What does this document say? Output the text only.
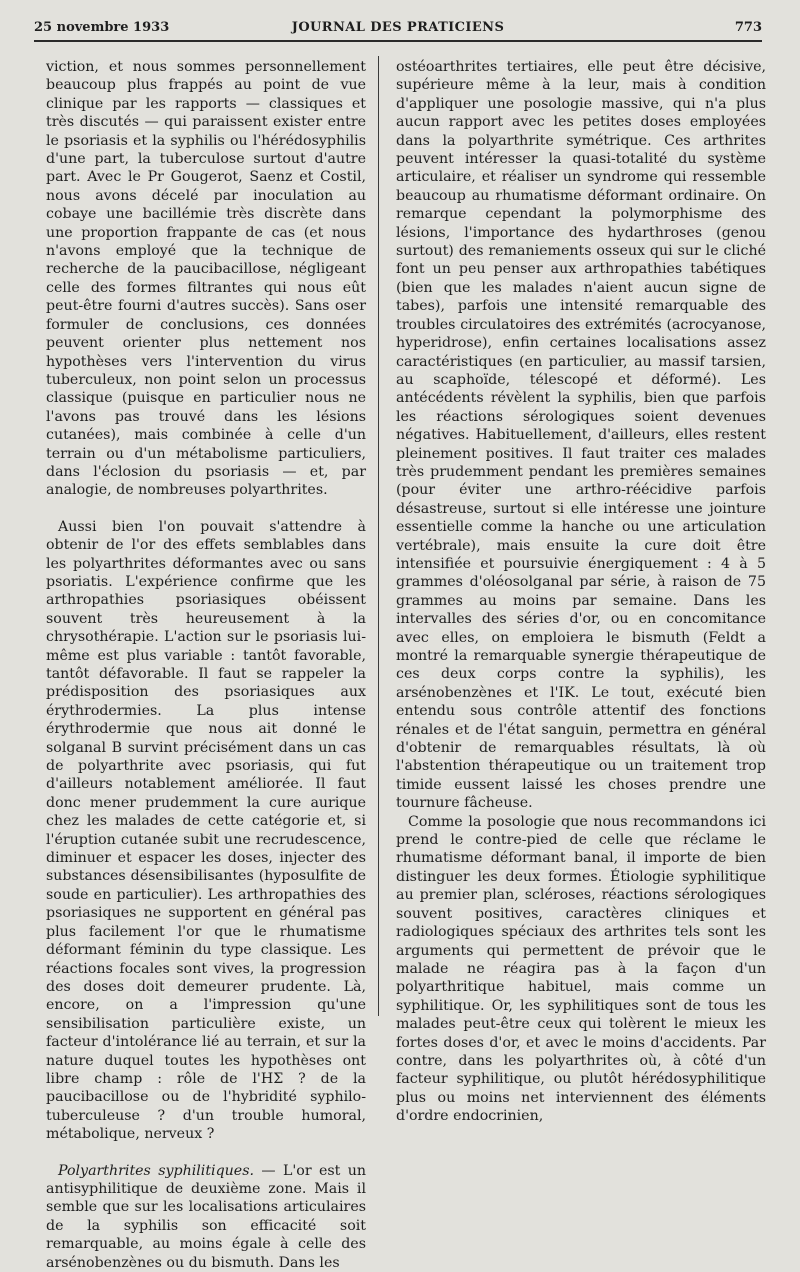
25 novembre 1933	JOURNAL DES PRATICIENS	773

viction, et nous sommes personnellement beaucoup plus frappés au point de vue clinique par les rapports — classiques et très discutés — qui paraissent exister entre le psoriasis et la syphilis ou l'hérédosyphilis d'une part, la tuberculose surtout d'autre part. Avec le Pr Gougerot, Saenz et Costil, nous avons décelé par inoculation au cobaye une bacillémie très discrète dans une proportion frappante de cas (et nous n'avons employé que la technique de recherche de la paucibacillose, négligeant celle des formes filtrantes qui nous eût peut-être fourni d'autres succès). Sans oser formuler de conclusions, ces données peuvent orienter plus nettement nos hypothèses vers l'intervention du virus tuberculeux, non point selon un processus classique (puisque en particulier nous ne l'avons pas trouvé dans les lésions cutanées), mais combinée à celle d'un terrain ou d'un métabolisme particuliers, dans l'éclosion du psoriasis — et, par analogie, de nombreuses polyarthrites.

Aussi bien l'on pouvait s'attendre à obtenir de l'or des effets semblables dans les polyarthrites déformantes avec ou sans psoriatis. L'expérience confirme que les arthropathies psoriasiques obéissent souvent très heureusement à la chrysothérapie. L'action sur le psoriasis lui-même est plus variable : tantôt favorable, tantôt défavorable. Il faut se rappeler la prédisposition des psoriasiques aux érythrodermies. La plus intense érythrodermie que nous ait donné le solganal B survint précisément dans un cas de polyarthrite avec psoriasis, qui fut d'ailleurs notablement améliorée. Il faut donc mener prudemment la cure aurique chez les malades de cette catégorie et, si l'éruption cutanée subit une recrudescence, diminuer et espacer les doses, injecter des substances désensibilisantes (hyposulfite de soude en particulier). Les arthropathies des psoriasiques ne supportent en général pas plus facilement l'or que le rhumatisme déformant féminin du type classique. Les réactions focales sont vives, la progression des doses doit demeurer prudente. Là, encore, on a l'impression qu'une sensibilisation particulière existe, un facteur d'intolérance lié au terrain, et sur la nature duquel toutes les hypothèses ont libre champ : rôle de l'HΣ ? de la paucibacillose ou de l'hybridité syphilo-tuberculeuse ? d'un trouble humoral, métabolique, nerveux ?

Polyarthrites syphilitiques. — L'or est un antisyphilitique de deuxième zone. Mais il semble que sur les localisations articulaires de la syphilis son efficacité soit remarquable, au moins égale à celle des arsénobenzènes ou du bismuth. Dans les

ostéoarthrites tertiaires, elle peut être décisive, supérieure même à la leur, mais à condition d'appliquer une posologie massive, qui n'a plus aucun rapport avec les petites doses employées dans la polyarthrite symétrique. Ces arthrites peuvent intéresser la quasi-totalité du système articulaire, et réaliser un syndrome qui ressemble beaucoup au rhumatisme déformant ordinaire. On remarque cependant la polymorphisme des lésions, l'importance des hydarthroses (genou surtout) des remaniements osseux qui sur le cliché font un peu penser aux arthropathies tabétiques (bien que les malades n'aient aucun signe de tabes), parfois une intensité remarquable des troubles circulatoires des extrémités (acrocyanose, hyperidrose), enfin certaines localisations assez caractéristiques (en particulier, au massif tarsien, au scaphoïde, télescopé et déformé). Les antécédents révèlent la syphilis, bien que parfois les réactions sérologiques soient devenues négatives. Habituellement, d'ailleurs, elles restent pleinement positives. Il faut traiter ces malades très prudemment pendant les premières semaines (pour éviter une arthro-réécidive parfois désastreuse, surtout si elle intéresse une jointure essentielle comme la hanche ou une articulation vertébrale), mais ensuite la cure doit être intensifiée et poursuivie énergiquement : 4 à 5 grammes d'oléosolganal par série, à raison de 75 grammes au moins par semaine. Dans les intervalles des séries d'or, ou en concomitance avec elles, on emploiera le bismuth (Feldt a montré la remarquable synergie thérapeutique de ces deux corps contre la syphilis), les arsénobenzènes et l'IK. Le tout, exécuté bien entendu sous contrôle attentif des fonctions rénales et de l'état sanguin, permettra en général d'obtenir de remarquables résultats, là où l'abstention thérapeutique ou un traitement trop timide eussent laissé les choses prendre une tournure fâcheuse.

Comme la posologie que nous recommandons ici prend le contre-pied de celle que réclame le rhumatisme déformant banal, il importe de bien distinguer les deux formes. Étiologie syphilitique au premier plan, scléroses, réactions sérologiques souvent positives, caractères cliniques et radiologiques spéciaux des arthrites tels sont les arguments qui permettent de prévoir que le malade ne réagira pas à la façon d'un polyarthritique habituel, mais comme un syphilitique. Or, les syphilitiques sont de tous les malades peut-être ceux qui tolèrent le mieux les fortes doses d'or, et avec le moins d'accidents. Par contre, dans les polyarthrites où, à côté d'un facteur syphilitique, ou plutôt hérédosyphilitique plus ou moins net interviennent des éléments d'ordre endocrinien,
